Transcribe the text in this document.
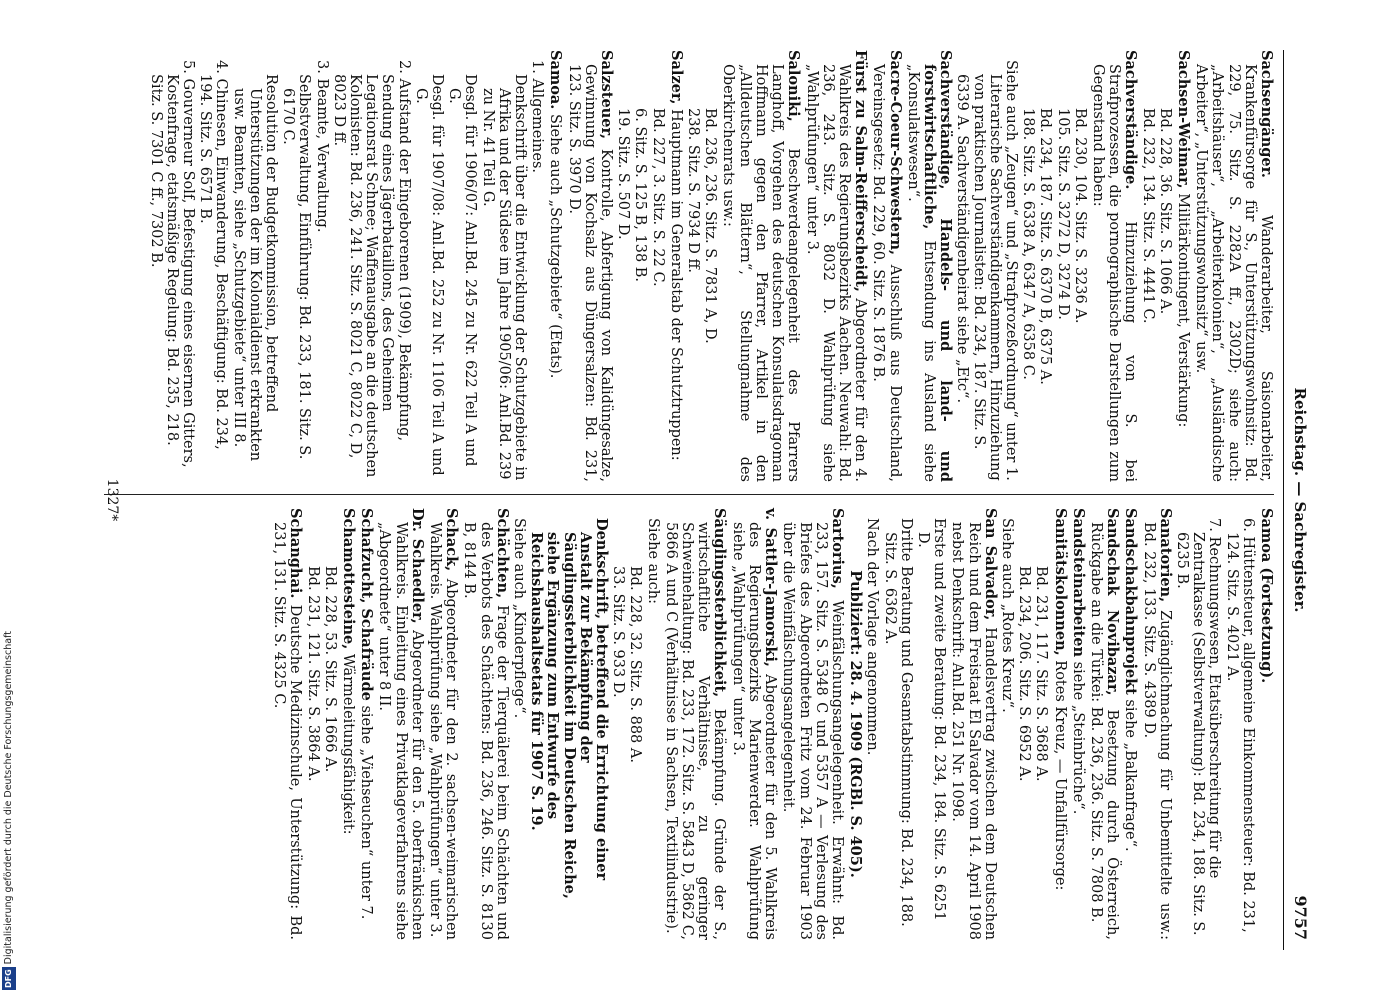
DFGDigitalisierung gefördert durch die Deutsche Forschungsgemeinschaft
Reichstag. — Sachregister.
9757

Sachsengänger. Wanderarbeiter, Saisonarbeiter, Krankenfürsorge für S., Unterstützungswohnsitz: Bd. 229, 75. Sitz. S. 2282A ff., 2302D; siehe auch: „Arbeitshäuser“, „Arbeiterkolonien“, „Ausländische Arbeiter“, „Unterstützungswohnsitz“ usw.

Sachsen-Weimar, Militärkontingent, Verstärkung:

Bd. 228, 36. Sitz. S. 1066 A.

Bd. 232, 134. Sitz. S. 4441 C.

Sachverständige. Hinzuziehung von S. bei Strafprozessen, die pornographische Darstellungen zum Gegenstand haben:

Bd. 230, 104. Sitz. S. 3236 A.

105. Sitz. S. 3272 D, 3274 D.

Bd. 234, 187. Sitz. S. 6370 B, 6375 A.

188. Sitz. S. 6338 A, 6347 A, 6358 C.

Siehe auch „Zeugen“ und „Strafprozeßordnung“ unter 1. Literarische Sachverständigenkammern, Hinzuziehung von praktischen Journalisten: Bd. 234, 187. Sitz. S. 6339 A. Sachverständigenbeirat siehe „Etc“.

Sachverständige, Handels- und land- und forstwirtschaftliche, Entsendung ins Ausland siehe „Konsulatswesen“.

Sacre-Coeur-Schwestern, Ausschluß aus Deutschland, Vereinsgesetz: Bd. 229, 60. Sitz. S. 1876 B.

Fürst zu Salm-Reifferscheidt, Abgeordneter für den 4. Wahlkreis des Regierungsbezirks Aachen. Neuwahl: Bd. 236, 243. Sitz. S. 8032 D. Wahlprüfung siehe „Wahlprüfungen“ unter 3.

Saloniki, Beschwerdeangelegenheit des Pfarrers Langhoff, Vorgehen des deutschen Konsulatsdragoman Hoffmann gegen den Pfarrer, Artikel in den „Alldeutschen Blättern“, Stellungnahme des Oberkirchenrats usw.:

Bd. 236, 236. Sitz. S. 7831 A, D.

238. Sitz. S. 7934 D ff.

Salzer, Hauptmann im Generalstab der Schutztruppen:

Bd. 227, 3. Sitz. S. 22 C.

6. Sitz. S. 125 B, 138 B.

19. Sitz. S. 507 D.

Salzsteuer, Kontrolle, Abfertigung von Kalidüngesalze, Gewinnung von Kochsalz aus Düngersalzen: Bd. 231, 123. Sitz. S. 3970 D.

Samoa. Siehe auch „Schutzgebiete“ (Etats).

1. Allgemeines.

Denkschrift über die Entwicklung der Schutzgebiete in Afrika und der Südsee im Jahre 1905/06: Anl.Bd. 239 zu Nr. 41 Teil G.

Desgl. für 1906/07: Anl.Bd. 245 zu Nr. 622 Teil A und G.

Desgl. für 1907/08: Anl.Bd. 252 zu Nr. 1106 Teil A und G.

2. Aufstand der Eingeborenen (1909), Bekämpfung, Sendung eines Jägerbataillons, des Geheimen Legationsrat Schnee; Waffenausgabe an die deutschen Kolonisten: Bd. 236, 241. Sitz. S. 8021 C, 8022 C, D, 8023 D ff.

3. Beamte, Verwaltung.

Selbstverwaltung, Einführung: Bd. 233, 181. Sitz. S. 6170 C.

Resolution der Budgetkommission, betreffend Unterstützungen der im Kolonialdienst erkrankten usw. Beamten, siehe „Schutzgebiete“ unter III 8.

4. Chinesen, Einwanderung, Beschäftigung: Bd. 234, 194. Sitz. S. 6571 B.

5. Gouverneur Solf, Befestigung eines eisernen Gitters, Kostenfrage, etatsmäßige Regelung: Bd. 235, 218. Sitz. S. 7301 C ff., 7302 B.

Samoa (Fortsetzung).

6. Hüttensteuer, allgemeine Einkommensteuer: Bd. 231, 124. Sitz. S. 4021 A.

7. Rechnungswesen, Etatsüberschreitung für die Zentralkasse (Selbstverwaltung): Bd. 234, 188. Sitz. S. 6235 B.

Sanatorien, Zugänglichmachung für Unbemittelte usw.: Bd. 232, 133. Sitz. S. 4389 D.

Sandschakbahnprojekt siehe „Balkanfrage“.

Sandschak Novibazar, Besetzung durch Österreich, Rückgabe an die Türkei: Bd. 236, 236. Sitz. S. 7808 B.

Sandsteinarbeiten siehe „Steinbrüche“.

Sanitätskolonnen, Rotes Kreuz, — Unfallfürsorge:

Bd. 231, 117. Sitz. S. 3688 A.

Bd. 234, 206. Sitz. S. 6952 A.

Siehe auch „Rotes Kreuz“.

San Salvador, Handelsvertrag zwischen dem Deutschen Reich und dem Freistaat El Salvador vom 14. April 1908 nebst Denkschrift: Anl.Bd. 251 Nr. 1098.

Erste und zweite Beratung: Bd. 234, 184. Sitz. S. 6251 D.

Dritte Beratung und Gesamtabstimmung: Bd. 234, 188. Sitz. S. 6362 A.

Nach der Vorlage angenommen.

Publiziert: 28. 4. 1909 (RGBl. S. 405).

Sartorius, Weinfälschungsangelegenheit. Erwähnt: Bd. 233, 157. Sitz. S. 5348 C und 5357 A — Verlesung des Briefes des Abgeordneten Fritz vom 24. Februar 1903 über die Weinfälschungsangelegenheit.

v. Sattler-Jamorski, Abgeordneter für den 5. Wahlkreis des Regierungsbezirks Marienwerder. Wahlprüfung siehe „Wahlprüfungen“ unter 3.

Säuglingssterblichkeit, Bekämpfung. Gründe der S., wirtschaftliche Verhältnisse, zu geringer Schweinehaltung: Bd. 233, 172. Sitz. S. 5843 D, 5862 C, 5866 A und C (Verhältnisse in Sachsen, Textilindustrie).

Siehe auch:

Bd. 228, 32. Sitz. S. 888 A.

33. Sitz. S. 933 D.

Denkschrift, betreffend die Errichtung einer Anstalt zur Bekämpfung der Säuglingssterblichkeit im Deutschen Reiche, siehe Ergänzung zum Entwurfe des Reichshaushaltsetats für 1907 S. 19.

Siehe auch „Kinderpflege“.

Schächten, Frage der Tierquälerei beim Schächten und des Verbots des Schächtens: Bd. 236, 246. Sitz. S. 8130 B, 8144 B.

Schack, Abgeordneter für den 2. sachsen-weimarischen Wahlkreis. Wahlprüfung siehe „Wahlprüfungen“ unter 3.

Dr. Schaedler, Abgeordneter für den 5. oberfränkischen Wahlkreis. Einleitung eines Privatklageverfahrens siehe „Abgeordnete“ unter 8 II.

Schafzucht, Schafräude siehe „Viehseuchen“ unter 7.

Schamottesteine, Wärmeleitungsfähigkeit:

Bd. 228, 53. Sitz. S. 1666 A.

Bd. 231, 121. Sitz. S. 3864 A.

Schanghai. Deutsche Medizinschule, Unterstützung: Bd. 231, 131. Sitz. S. 4325 C.

1327*
